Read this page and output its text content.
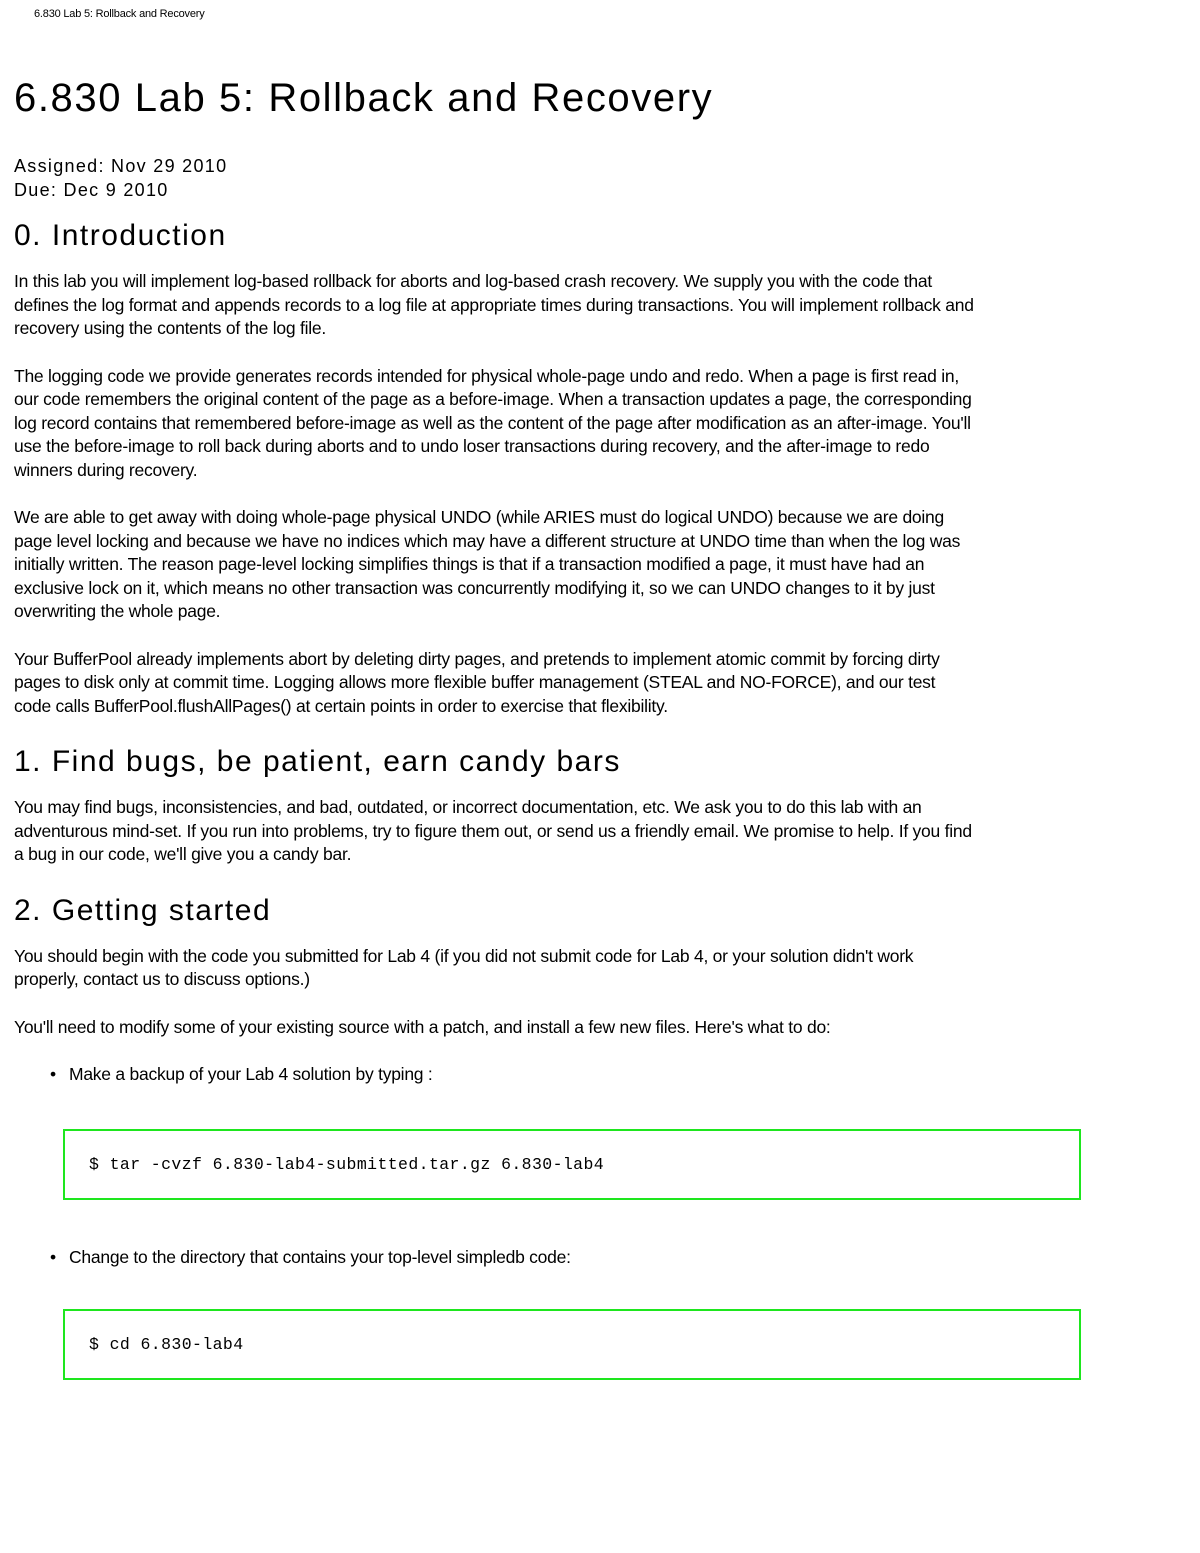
6.830 Lab 5: Rollback and Recovery
6.830 Lab 5: Rollback and Recovery
Assigned: Nov 29 2010
Due: Dec 9 2010
0. Introduction

In this lab you will implement log-based rollback for aborts and log-based crash recovery. We supply you with the code that defines the log format and appends records to a log file at appropriate times during transactions. You will implement rollback and recovery using the contents of the log file.

The logging code we provide generates records intended for physical whole-page undo and redo. When a page is first read in, our code remembers the original content of the page as a before-image. When a transaction updates a page, the corresponding log record contains that remembered before-image as well as the content of the page after modification as an after-image. You'll use the before-image to roll back during aborts and to undo loser transactions during recovery, and the after-image to redo winners during recovery.

We are able to get away with doing whole-page physical UNDO (while ARIES must do logical UNDO) because we are doing page level locking and because we have no indices which may have a different structure at UNDO time than when the log was initially written. The reason page-level locking simplifies things is that if a transaction modified a page, it must have had an exclusive lock on it, which means no other transaction was concurrently modifying it, so we can UNDO changes to it by just overwriting the whole page.

Your BufferPool already implements abort by deleting dirty pages, and pretends to implement atomic commit by forcing dirty pages to disk only at commit time. Logging allows more flexible buffer management (STEAL and NO-FORCE), and our test code calls BufferPool.flushAllPages() at certain points in order to exercise that flexibility.

1. Find bugs, be patient, earn candy bars

You may find bugs, inconsistencies, and bad, outdated, or incorrect documentation, etc. We ask you to do this lab with an adventurous mind-set. If you run into problems, try to figure them out, or send us a friendly email. We promise to help. If you find a bug in our code, we'll give you a candy bar.

2. Getting started

You should begin with the code you submitted for Lab 4 (if you did not submit code for Lab 4, or your solution didn't work properly, contact us to discuss options.)

You'll need to modify some of your existing source with a patch, and install a few new files. Here's what to do:

• Make a backup of your Lab 4 solution by typing :
$ tar -cvzf 6.830-lab4-submitted.tar.gz 6.830-lab4
• Change to the directory that contains your top-level simpledb code:
$ cd 6.830-lab4
